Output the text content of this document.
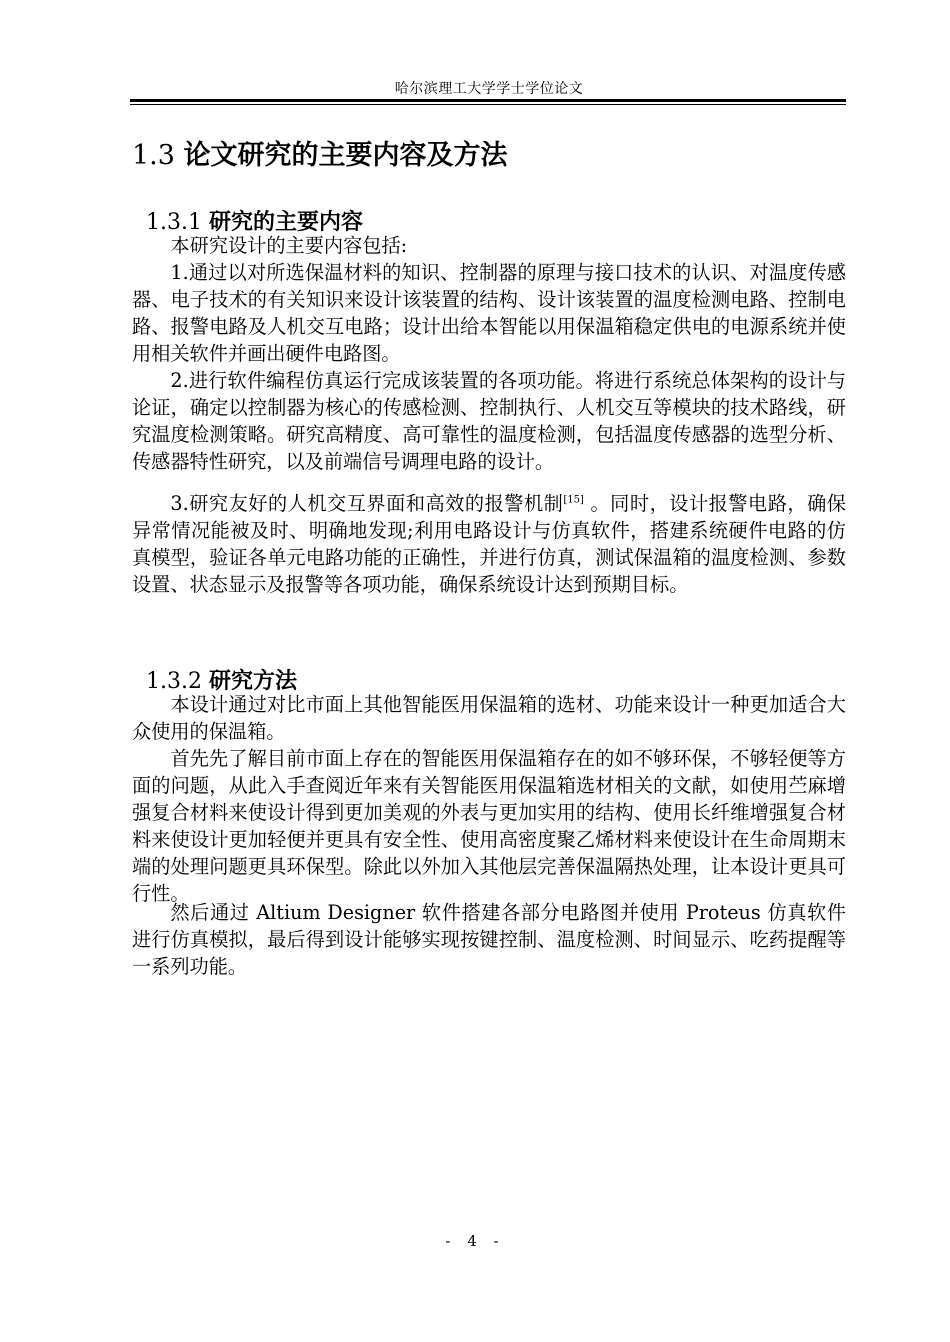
哈尔滨理工大学学士学位论文
1.3 论文研究的主要内容及方法
1.3.1 研究的主要内容

本研究设计的主要内容包括:

1.通过以对所选保温材料的知识、控制器的原理与接口技术的认识、对温度传感器、电子技术的有关知识来设计该装置的结构、设计该装置的温度检测电路、控制电路、报警电路及人机交互电路；设计出给本智能以用保温箱稳定供电的电源系统并使用相关软件并画出硬件电路图。

2.进行软件编程仿真运行完成该装置的各项功能。将进行系统总体架构的设计与论证，确定以控制器为核心的传感检测、控制执行、人机交互等模块的技术路线，研究温度检测策略。研究高精度、高可靠性的温度检测，包括温度传感器的选型分析、传感器特性研究，以及前端信号调理电路的设计。

3.研究友好的人机交互界面和高效的报警机制[15] 。同时，设计报警电路，确保异常情况能被及时、明确地发现;利用电路设计与仿真软件，搭建系统硬件电路的仿真模型，验证各单元电路功能的正确性，并进行仿真，测试保温箱的温度检测、参数设置、状态显示及报警等各项功能，确保系统设计达到预期目标。

1.3.2 研究方法

本设计通过对比市面上其他智能医用保温箱的选材、功能来设计一种更加适合大众使用的保温箱。

首先先了解目前市面上存在的智能医用保温箱存在的如不够环保，不够轻便等方面的问题，从此入手查阅近年来有关智能医用保温箱选材相关的文献，如使用苎麻增强复合材料来使设计得到更加美观的外表与更加实用的结构、使用长纤维增强复合材料来使设计更加轻便并更具有安全性、使用高密度聚乙烯材料来使设计在生命周期末端的处理问题更具环保型。除此以外加入其他层完善保温隔热处理，让本设计更具可行性。

然后通过 Altium Designer 软件搭建各部分电路图并使用 Proteus 仿真软件进行仿真模拟，最后得到设计能够实现按键控制、温度检测、时间显示、吃药提醒等一系列功能。

- 4 -
